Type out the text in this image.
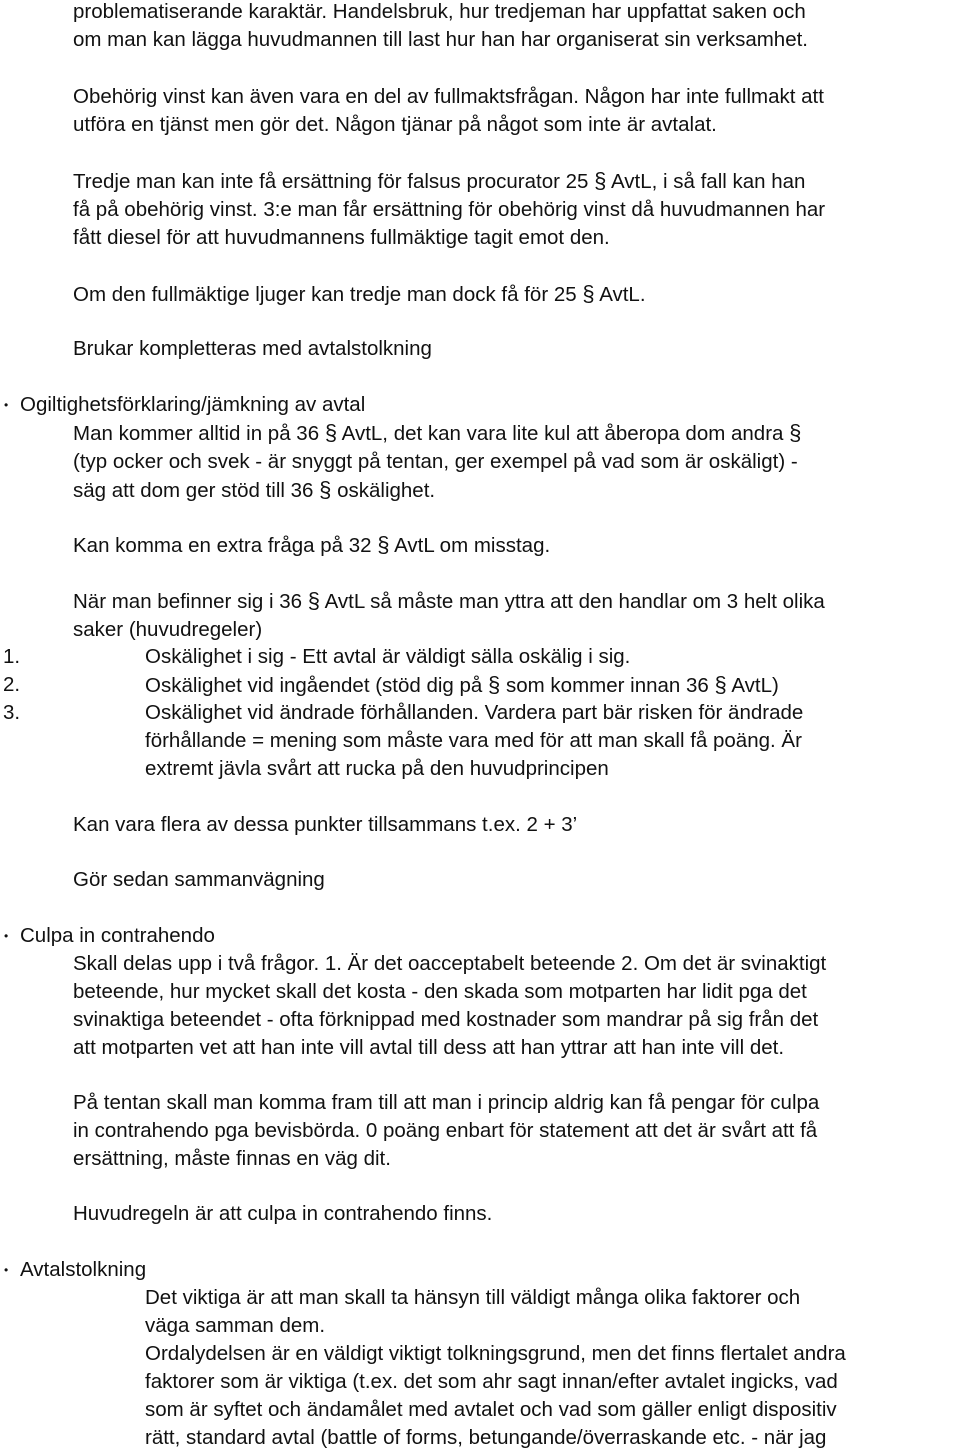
problematiserande karaktär. Handelsbruk, hur tredjeman har uppfattat saken och
om man kan lägga huvudmannen till last hur han har organiserat sin verksamhet.
Obehörig vinst kan även vara en del av fullmaktsfrågan. Någon har inte fullmakt att
utföra en tjänst men gör det. Någon tjänar på något som inte är avtalat.
Tredje man kan inte få ersättning för falsus procurator 25 § AvtL, i så fall kan han
få på obehörig vinst. 3:e man får ersättning för obehörig vinst då huvudmannen har
fått diesel för att huvudmannens fullmäktige tagit emot den.
Om den fullmäktige ljuger kan tredje man dock få för 25 § AvtL.
Brukar kompletteras med avtalstolkning
• Ogiltighetsförklaring/jämkning av avtal
Man kommer alltid in på 36 § AvtL, det kan vara lite kul att åberopa dom andra §
(typ ocker och svek - är snyggt på tentan, ger exempel på vad som är oskäligt) -
säg att dom ger stöd till 36 § oskälighet.
Kan komma en extra fråga på 32 § AvtL om misstag.
När man befinner sig i 36 § AvtL så måste man yttra att den handlar om 3 helt olika
saker (huvudregeler)
1.	Oskälighet i sig - Ett avtal är väldigt sälla oskälig i sig.
2.	Oskälighet vid ingåendet (stöd dig på § som kommer innan 36 § AvtL)
3.	Oskälighet vid ändrade förhållanden. Vardera part bär risken för ändrade
förhållande = mening som måste vara med för att man skall få poäng. Är
extremt jävla svårt att rucka på den huvudprincipen
Kan vara flera av dessa punkter tillsammans t.ex. 2 + 3’
Gör sedan sammanvägning
• Culpa in contrahendo
Skall delas upp i två frågor. 1. Är det oacceptabelt beteende 2. Om det är svinaktigt
beteende, hur mycket skall det kosta - den skada som motparten har lidit pga det
svinaktiga beteendet - ofta förknippad med kostnader som mandrar på sig från det
att motparten vet att han inte vill avtal till dess att han yttrar att han inte vill det.
På tentan skall man komma fram till att man i princip aldrig kan få pengar för culpa
in contrahendo pga bevisbörda. 0 poäng enbart för statement att det är svårt att få
ersättning, måste finnas en väg dit.
Huvudregeln är att culpa in contrahendo finns.
• Avtalstolkning
Det viktiga är att man skall ta hänsyn till väldigt många olika faktorer och
väga samman dem.
Ordalydelsen är en väldigt viktigt tolkningsgrund, men det finns flertalet andra
faktorer som är viktiga (t.ex. det som ahr sagt innan/efter avtalet ingicks, vad
som är syftet och ändamålet med avtalet och vad som gäller enligt dispositiv
rätt, standard avtal (battle of forms, betungande/överraskande etc. - när jag
